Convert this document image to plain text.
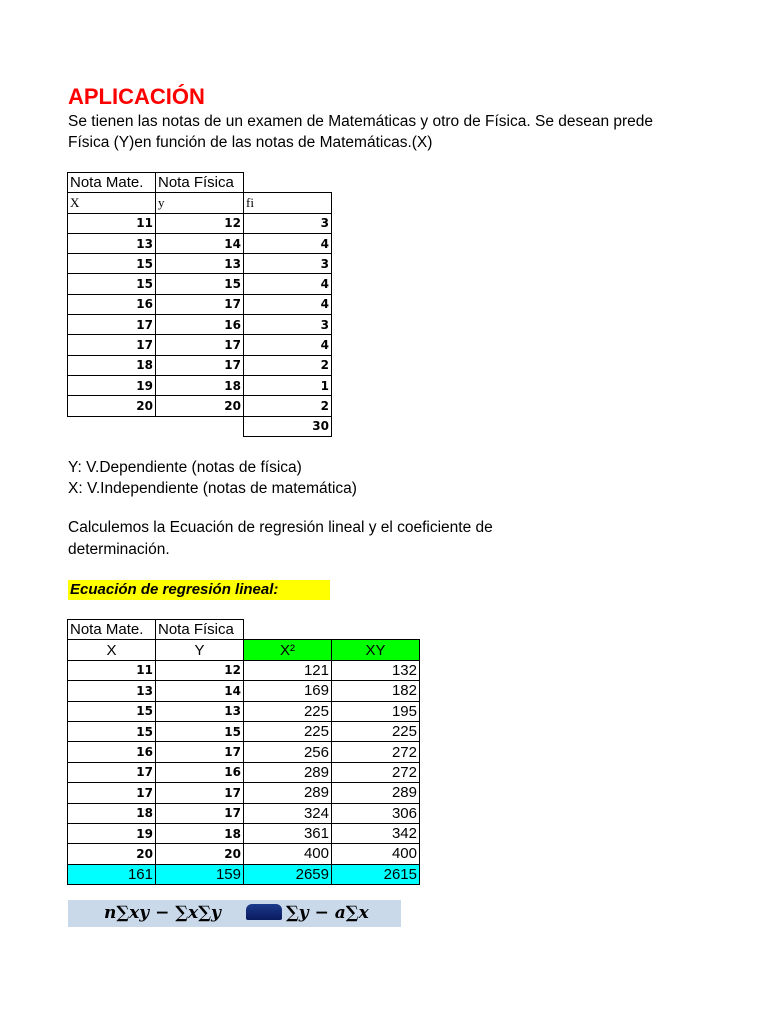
APLICACIÓN
Se tienen las notas de un examen de Matemáticas y otro de Física. Se desean prede
Física (Y)en función de las notas de Matemáticas.(X)
Nota Mate.	Nota Física	
X	y	fi
11	12	3
13	14	4
15	13	3
15	15	4
16	17	4
17	16	3
17	17	4
18	17	2
19	18	1
20	20	2
		30
Y: V.Dependiente (notas de física)
X: V.Independiente (notas de matemática)
Calculemos la Ecuación de regresión lineal y el coeficiente de
determinación.
Ecuación de regresión lineal:
Nota Mate.	Nota Física		
X	Y	X²	XY
11	12	121	132
13	14	169	182
15	13	225	195
15	15	225	225
16	17	256	272
17	16	289	272
17	17	289	289
18	17	324	306
19	18	361	342
20	20	400	400
161	159	2659	2615
n∑xy − ∑x∑y	∑y − a∑x
